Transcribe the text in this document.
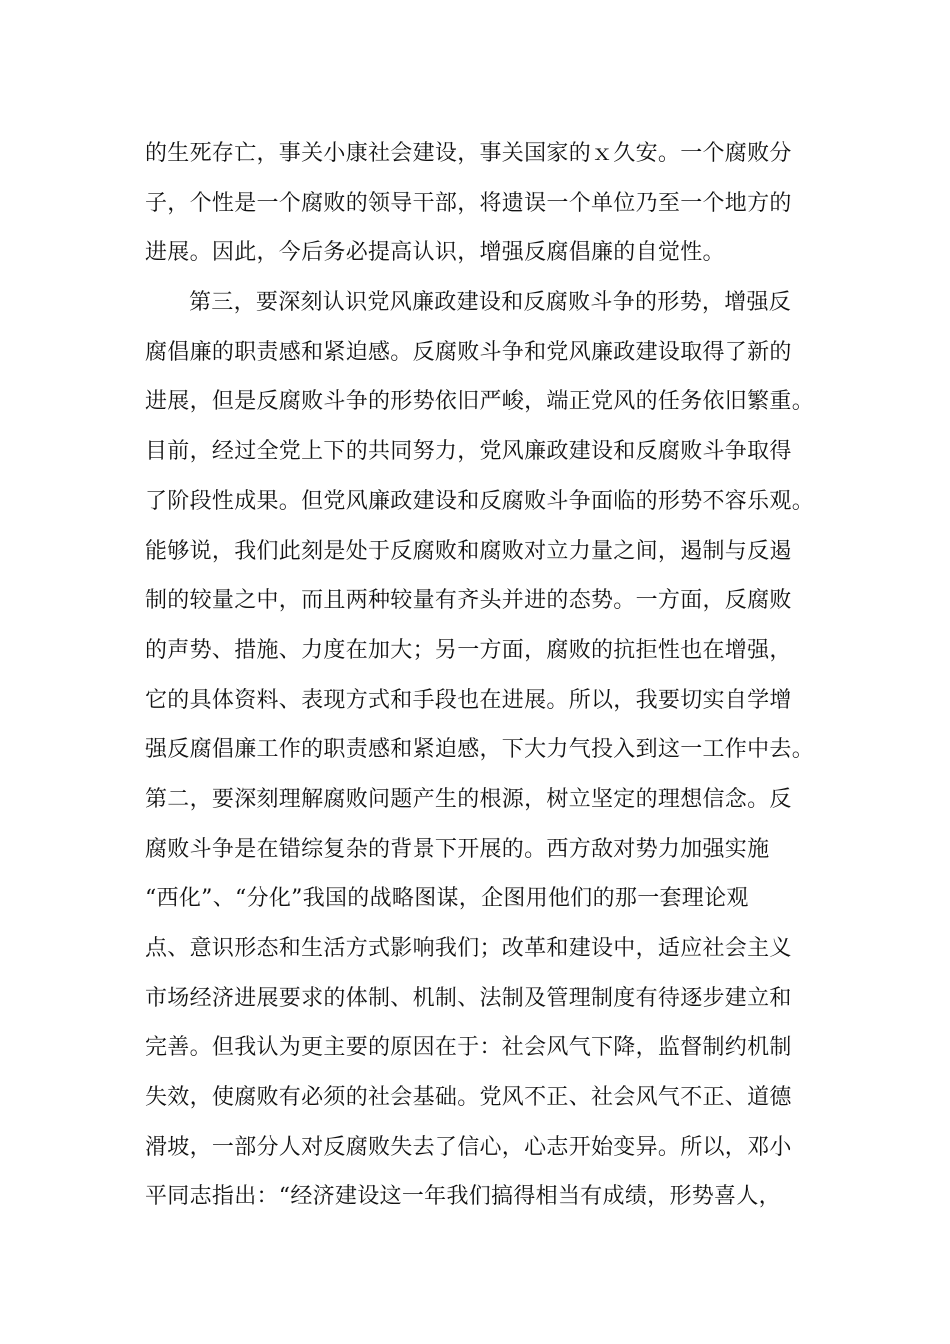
的生死存亡，事关小康社会建设，事关国家的ｘ久安。一个腐败分
子，个性是一个腐败的领导干部，将遗误一个单位乃至一个地方的
进展。因此，今后务必提高认识，增强反腐倡廉的自觉性。
第三，要深刻认识党风廉政建设和反腐败斗争的形势，增强反
腐倡廉的职责感和紧迫感。反腐败斗争和党风廉政建设取得了新的
进展，但是反腐败斗争的形势依旧严峻，端正党风的任务依旧繁重。
目前，经过全党上下的共同努力，党风廉政建设和反腐败斗争取得
了阶段性成果。但党风廉政建设和反腐败斗争面临的形势不容乐观。
能够说，我们此刻是处于反腐败和腐败对立力量之间，遏制与反遏
制的较量之中，而且两种较量有齐头并进的态势。一方面，反腐败
的声势、措施、力度在加大；另一方面，腐败的抗拒性也在增强，
它的具体资料、表现方式和手段也在进展。所以，我要切实自学增
强反腐倡廉工作的职责感和紧迫感，下大力气投入到这一工作中去。
第二，要深刻理解腐败问题产生的根源，树立坚定的理想信念。反
腐败斗争是在错综复杂的背景下开展的。西方敌对势力加强实施
“西化”、“分化”我国的战略图谋，企图用他们的那一套理论观
点、意识形态和生活方式影响我们；改革和建设中，适应社会主义
市场经济进展要求的体制、机制、法制及管理制度有待逐步建立和
完善。但我认为更主要的原因在于：社会风气下降，监督制约机制
失效，使腐败有必须的社会基础。党风不正、社会风气不正、道德
滑坡，一部分人对反腐败失去了信心，心志开始变异。所以，邓小
平同志指出：“经济建设这一年我们搞得相当有成绩，形势喜人，
